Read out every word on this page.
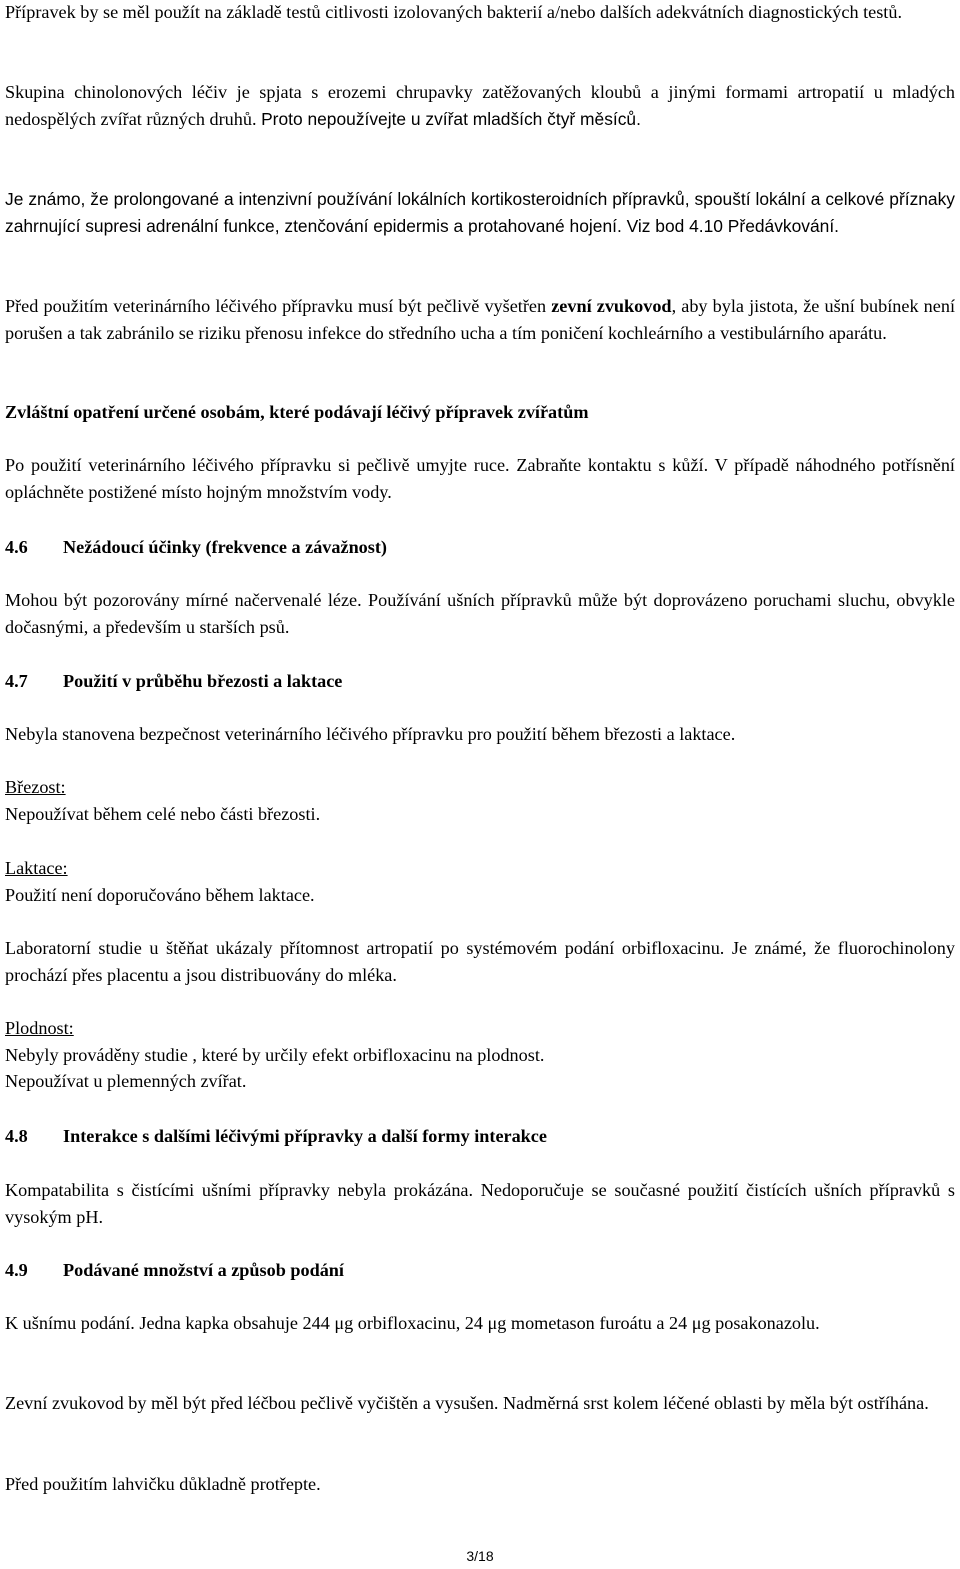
Přípravek by se měl použít na základě testů citlivosti izolovaných bakterií a/nebo dalších adekvátních diagnostických testů.

Skupina chinolonových léčiv je spjata s erozemi chrupavky zatěžovaných kloubů a jinými formami artropatií u mladých nedospělých zvířat různých druhů. Proto nepoužívejte u zvířat mladších čtyř měsíců.

Je známo, že prolongované a intenzivní používání lokálních kortikosteroidních přípravků, spouští lokální a celkové příznaky zahrnující supresi adrenální funkce, ztenčování epidermis a protahované hojení. Viz bod 4.10 Předávkování.

Před použitím veterinárního léčivého přípravku musí být pečlivě vyšetřen zevní zvukovod, aby byla jistota, že ušní bubínek není porušen a tak zabránilo se riziku přenosu infekce do středního ucha a tím poničení kochleárního a vestibulárního aparátu.

Zvláštní opatření určené osobám, které podávají léčivý přípravek zvířatům

Po použití veterinárního léčivého přípravku si pečlivě umyjte ruce. Zabraňte kontaktu s kůží. V případě náhodného potřísnění opláchněte postižené místo hojným množstvím vody.

4.6 Nežádoucí účinky (frekvence a závažnost)

Mohou být pozorovány mírné načervenalé léze. Používání ušních přípravků může být doprovázeno poruchami sluchu, obvykle dočasnými, a především u starších psů.

4.7 Použití v průběhu březosti a laktace

Nebyla stanovena bezpečnost veterinárního léčivého přípravku pro použití během březosti a laktace.

Březost:
Nepoužívat během celé nebo části březosti.

Laktace:
Použití není doporučováno během laktace.

Laboratorní studie u štěňat ukázaly přítomnost artropatií po systémovém podání orbifloxacinu. Je známé, že fluorochinolony prochází přes placentu a jsou distribuovány do mléka.

Plodnost:
Nebyly prováděny studie , které by určily efekt orbifloxacinu na plodnost.
Nepoužívat u plemenných zvířat.

4.8 Interakce s dalšími léčivými přípravky a další formy interakce

Kompatabilita s čistícími ušními přípravky nebyla prokázána. Nedoporučuje se současné použití čistících ušních přípravků s vysokým pH.

4.9 Podávané množství a způsob podání

K ušnímu podání. Jedna kapka obsahuje 244 μg orbifloxacinu, 24 μg mometason furoátu a 24 μg posakonazolu.

Zevní zvukovod by měl být před léčbou pečlivě vyčištěn a vysušen. Nadměrná srst kolem léčené oblasti by měla být ostříhána.

Před použitím lahvičku důkladně protřepte.

3/18
